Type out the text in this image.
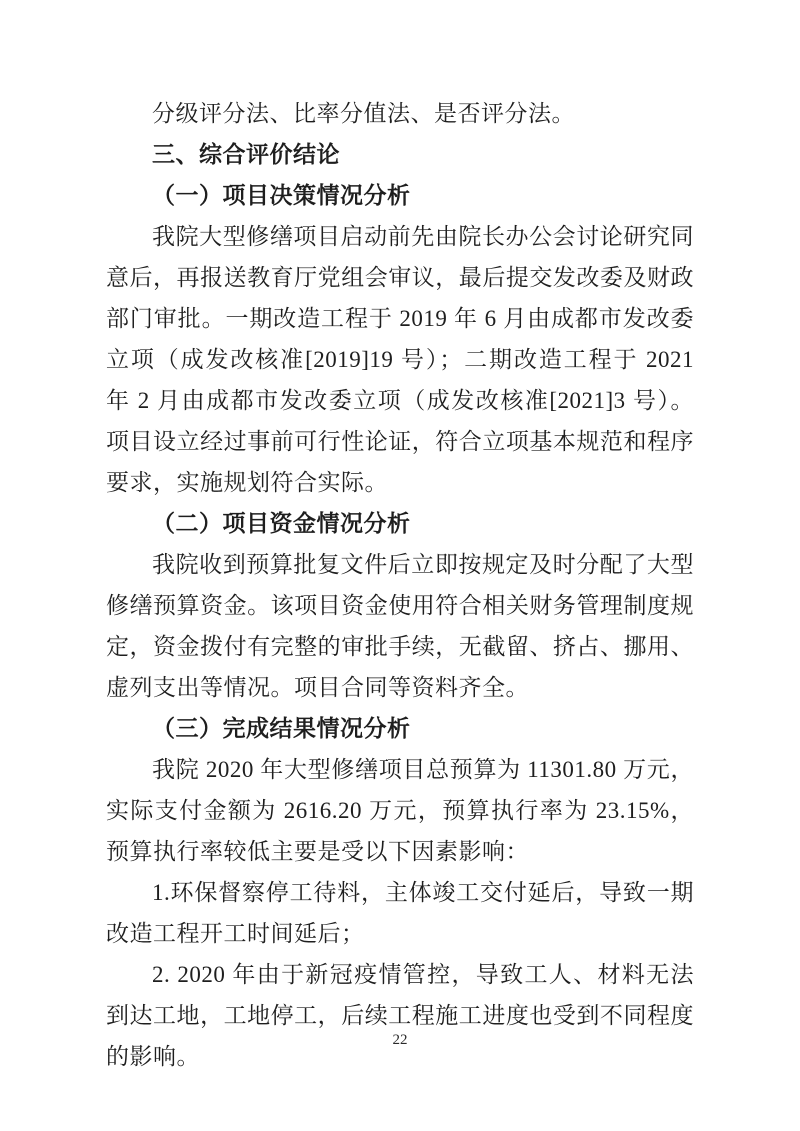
分级评分法、比率分值法、是否评分法。

三、综合评价结论

（一）项目决策情况分析

我院大型修缮项目启动前先由院长办公会讨论研究同意后，再报送教育厅党组会审议，最后提交发改委及财政部门审批。一期改造工程于 2019 年 6 月由成都市发改委立项（成发改核准[2019]19 号）；二期改造工程于 2021 年 2 月由成都市发改委立项（成发改核准[2021]3 号）。项目设立经过事前可行性论证，符合立项基本规范和程序要求，实施规划符合实际。

（二）项目资金情况分析

我院收到预算批复文件后立即按规定及时分配了大型修缮预算资金。该项目资金使用符合相关财务管理制度规定，资金拨付有完整的审批手续，无截留、挤占、挪用、虚列支出等情况。项目合同等资料齐全。

（三）完成结果情况分析

我院 2020 年大型修缮项目总预算为 11301.80 万元，实际支付金额为 2616.20 万元，预算执行率为 23.15%，预算执行率较低主要是受以下因素影响：

1.环保督察停工待料，主体竣工交付延后，导致一期改造工程开工时间延后；

2. 2020 年由于新冠疫情管控，导致工人、材料无法到达工地，工地停工，后续工程施工进度也受到不同程度的影响。

22
